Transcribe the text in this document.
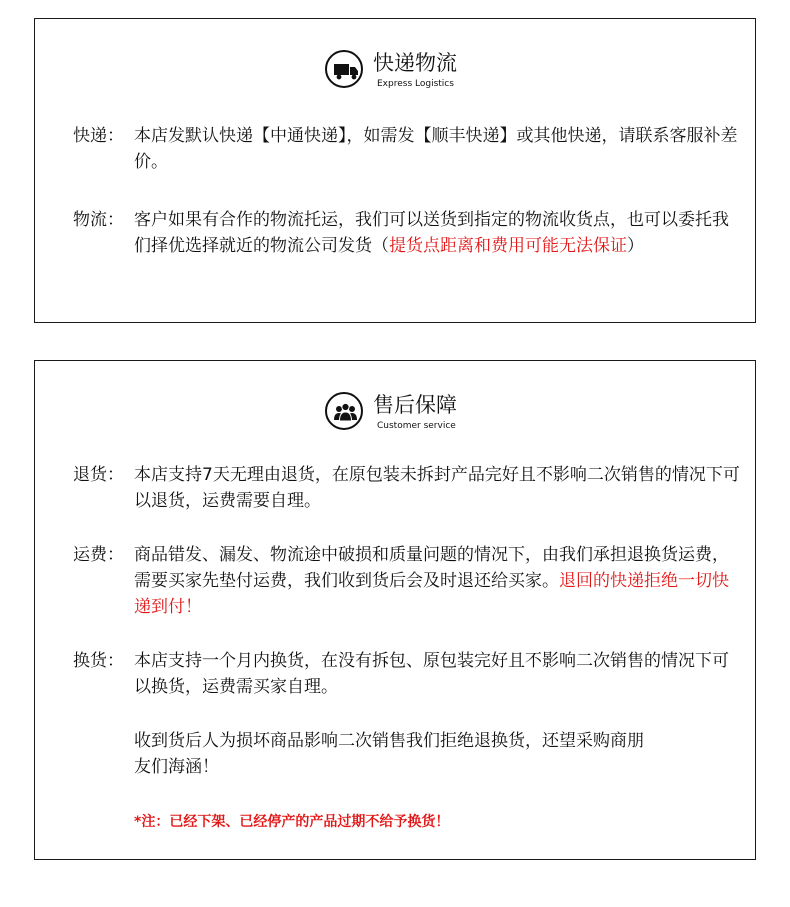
快递物流
Express Logistics
快递： 本店发默认快递【中通快递】，如需发【顺丰快递】或其他快递，请联系客服补差价。
物流： 客户如果有合作的物流托运，我们可以送货到指定的物流收货点，也可以委托我们择优选择就近的物流公司发货（提货点距离和费用可能无法保证）
售后保障
Customer service
退货： 本店支持7天无理由退货，在原包装未拆封产品完好且不影响二次销售的情况下可以退货，运费需要自理。
运费： 商品错发、漏发、物流途中破损和质量问题的情况下，由我们承担退换货运费，需要买家先垫付运费，我们收到货后会及时退还给买家。退回的快递拒绝一切快递到付！
换货： 本店支持一个月内换货，在没有拆包、原包装完好且不影响二次销售的情况下可以换货，运费需买家自理。
收到货后人为损坏商品影响二次销售我们拒绝退换货，还望采购商朋友们海涵！
*注：已经下架、已经停产的产品过期不给予换货！
